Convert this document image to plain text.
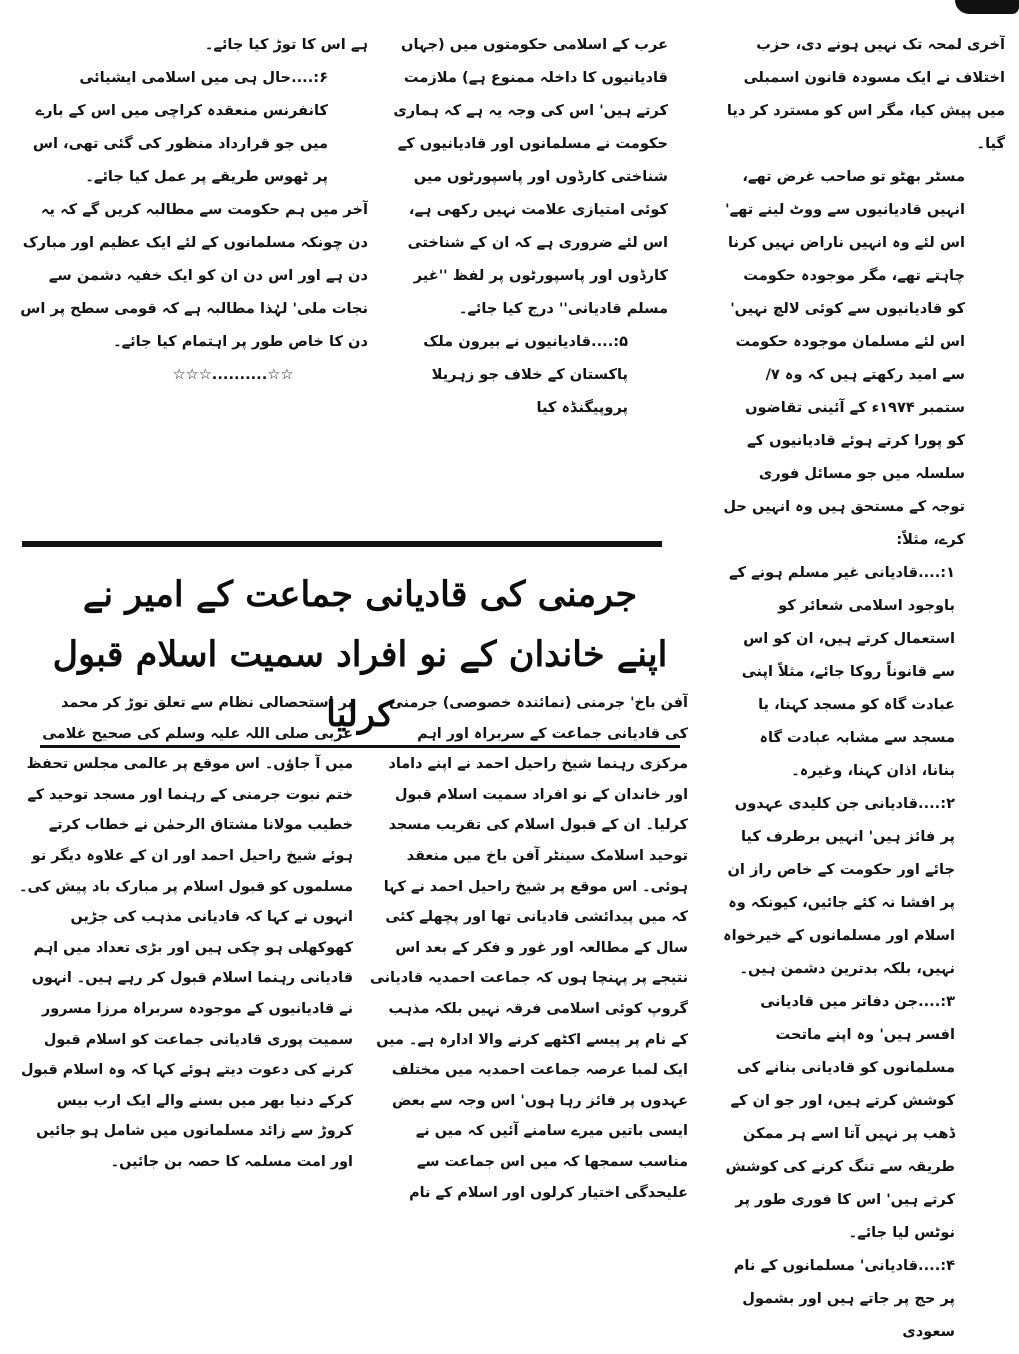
آخری لمحہ تک نہیں ہونے دی، حزب اختلاف نے ایک مسودہ قانون اسمبلی میں پیش کیا، مگر اس کو مسترد کر دیا گیا۔

مسٹر بھٹو تو صاحب غرض تھے، انہیں قادیانیوں سے ووٹ لینے تھے' اس لئے وہ انہیں ناراض نہیں کرنا چاہتے تھے، مگر موجودہ حکومت کو قادیانیوں سے کوئی لالچ نہیں' اس لئے مسلمان موجودہ حکومت سے امید رکھتے ہیں کہ وہ ۷/ستمبر ۱۹۷۴ء کے آئینی تقاضوں کو پورا کرتے ہوئے قادیانیوں کے سلسلہ میں جو مسائل فوری توجہ کے مستحق ہیں وہ انہیں حل کرے، مثلاً:

۱:....قادیانی غیر مسلم ہونے کے باوجود اسلامی شعائر کو استعمال کرتے ہیں، ان کو اس سے قانوناً روکا جائے، مثلاً اپنی عبادت گاہ کو مسجد کہنا، یا مسجد سے مشابہ عبادت گاہ بنانا، اذان کہنا، وغیرہ۔

۲:....قادیانی جن کلیدی عہدوں پر فائز ہیں' انہیں برطرف کیا جائے اور حکومت کے خاص راز ان پر افشا نہ کئے جائیں، کیونکہ وہ اسلام اور مسلمانوں کے خیرخواہ نہیں، بلکہ بدترین دشمن ہیں۔

۳:....جن دفاتر میں قادیانی افسر ہیں' وہ اپنے ماتحت مسلمانوں کو قادیانی بنانے کی کوشش کرتے ہیں، اور جو ان کے ڈھب پر نہیں آتا اسے ہر ممکن طریقہ سے تنگ کرنے کی کوشش کرتے ہیں' اس کا فوری طور پر نوٹس لیا جائے۔

۴:....قادیانی' مسلمانوں کے نام پر حج پر جاتے ہیں اور بشمول سعودی

عرب کے اسلامی حکومتوں میں (جہاں قادیانیوں کا داخلہ ممنوع ہے) ملازمت کرتے ہیں' اس کی وجہ یہ ہے کہ ہماری حکومت نے مسلمانوں اور قادیانیوں کے شناختی کارڈوں اور پاسپورٹوں میں کوئی امتیازی علامت نہیں رکھی ہے، اس لئے ضروری ہے کہ ان کے شناختی کارڈوں اور پاسپورٹوں پر لفظ ''غیر مسلم قادیانی'' درج کیا جائے۔

۵:....قادیانیوں نے بیرون ملک پاکستان کے خلاف جو زہریلا پروپیگنڈہ کیا

ہے اس کا توڑ کیا جائے۔

۶:....حال ہی میں اسلامی ایشیائی کانفرنس منعقدہ کراچی میں اس کے بارے میں جو قرارداد منظور کی گئی تھی، اس پر ٹھوس طریقے پر عمل کیا جائے۔

آخر میں ہم حکومت سے مطالبہ کریں گے کہ یہ دن چونکہ مسلمانوں کے لئے ایک عظیم اور مبارک دن ہے اور اس دن ان کو ایک خفیہ دشمن سے نجات ملی' لہٰذا مطالبہ ہے کہ قومی سطح پر اس دن کا خاص طور پر اہتمام کیا جائے۔

☆☆..........☆☆☆

جرمنی کی قادیانی جماعت کے امیر نے
اپنے خاندان کے نو افراد سمیت اسلام قبول کرلیا

آفن باخ' جرمنی (نمائندہ خصوصی) جرمنی کی قادیانی جماعت کے سربراہ اور اہم مرکزی رہنما شیخ راحیل احمد نے اپنے داماد اور خاندان کے نو افراد سمیت اسلام قبول کرلیا۔ ان کے قبول اسلام کی تقریب مسجد توحید اسلامک سینٹر آفن باخ میں منعقد ہوئی۔ اس موقع پر شیخ راحیل احمد نے کہا کہ میں پیدائشی قادیانی تھا اور پچھلے کئی سال کے مطالعہ اور غور و فکر کے بعد اس نتیجے پر پہنچا ہوں کہ جماعت احمدیہ قادیانی گروپ کوئی اسلامی فرقہ نہیں بلکہ مذہب کے نام پر پیسے اکٹھے کرنے والا ادارہ ہے۔ میں ایک لمبا عرصہ جماعت احمدیہ میں مختلف عہدوں پر فائز رہا ہوں' اس وجہ سے بعض ایسی باتیں میرے سامنے آئیں کہ میں نے مناسب سمجھا کہ میں اس جماعت سے علیحدگی اختیار کرلوں اور اسلام کے نام

پر استحصالی نظام سے تعلق توڑ کر محمد عربی صلی اللہ علیہ وسلم کی صحیح غلامی میں آ جاؤں۔ اس موقع پر عالمی مجلس تحفظ ختم نبوت جرمنی کے رہنما اور مسجد توحید کے خطیب مولانا مشتاق الرحمٰن نے خطاب کرتے ہوئے شیخ راحیل احمد اور ان کے علاوہ دیگر نو مسلموں کو قبول اسلام پر مبارک باد پیش کی۔ انہوں نے کہا کہ قادیانی مذہب کی جڑیں کھوکھلی ہو چکی ہیں اور بڑی تعداد میں اہم قادیانی رہنما اسلام قبول کر رہے ہیں۔ انہوں نے قادیانیوں کے موجودہ سربراہ مرزا مسرور سمیت پوری قادیانی جماعت کو اسلام قبول کرنے کی دعوت دیتے ہوئے کہا کہ وہ اسلام قبول کرکے دنیا بھر میں بسنے والے ایک ارب بیس کروڑ سے زائد مسلمانوں میں شامل ہو جائیں اور امت مسلمہ کا حصہ بن جائیں۔
